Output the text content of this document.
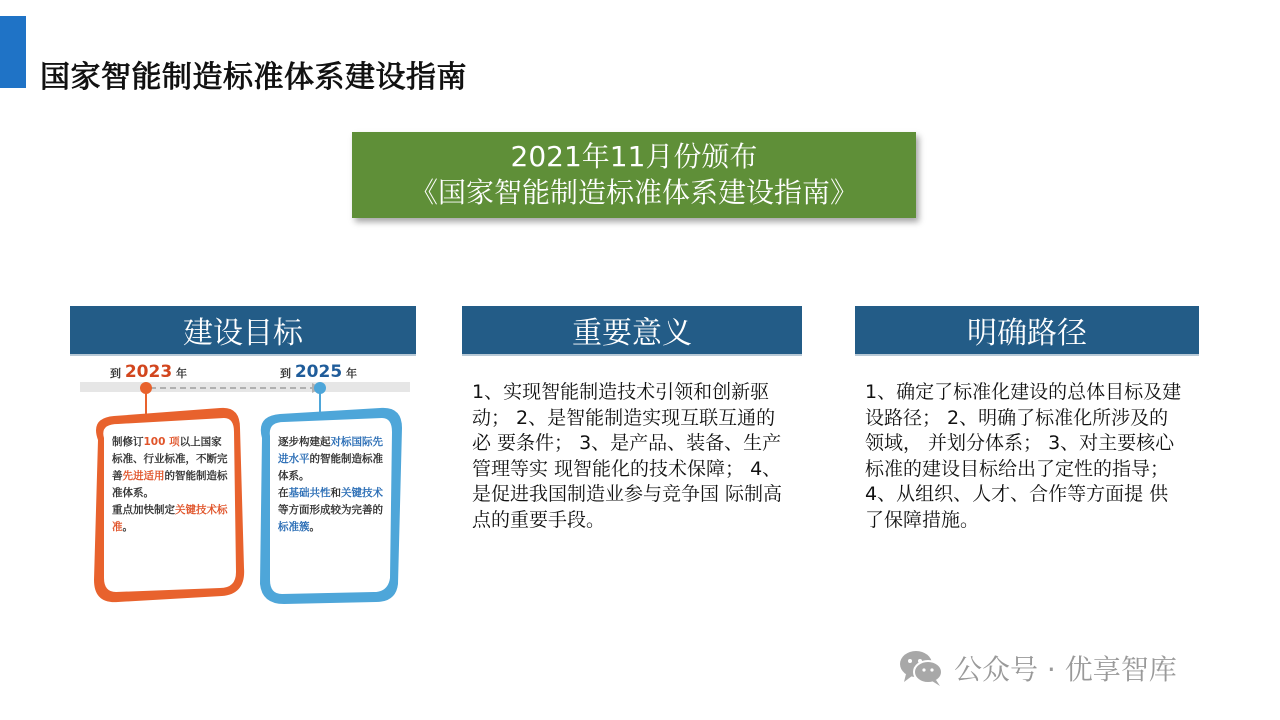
国家智能制造标准体系建设指南
2021年11月份颁布
《国家智能制造标准体系建设指南》
建设目标	重要意义	明确路径
到 2023 年	到 2025 年
制修订100 项以上国家标准、行业标准，不断完善先进适用的智能制造标准体系。
重点加快制定关键技术标准。
逐步构建起对标国际先进水平的智能制造标准体系。
在基础共性和关键技术等方面形成较为完善的标准簇。
1、实现智能制造技术引领和创新驱动； 2、是智能制造实现互联互通的必 要条件； 3、是产品、装备、生产管理等实 现智能化的技术保障； 4、是促进我国制造业参与竞争国 际制高点的重要手段。
1、确定了标准化建设的总体目标及建设路径； 2、明确了标准化所涉及的领域， 并划分体系； 3、对主要核心标准的建设目标给出了定性的指导； 4、从组织、人才、合作等方面提 供了保障措施。
公众号 · 优享智库
